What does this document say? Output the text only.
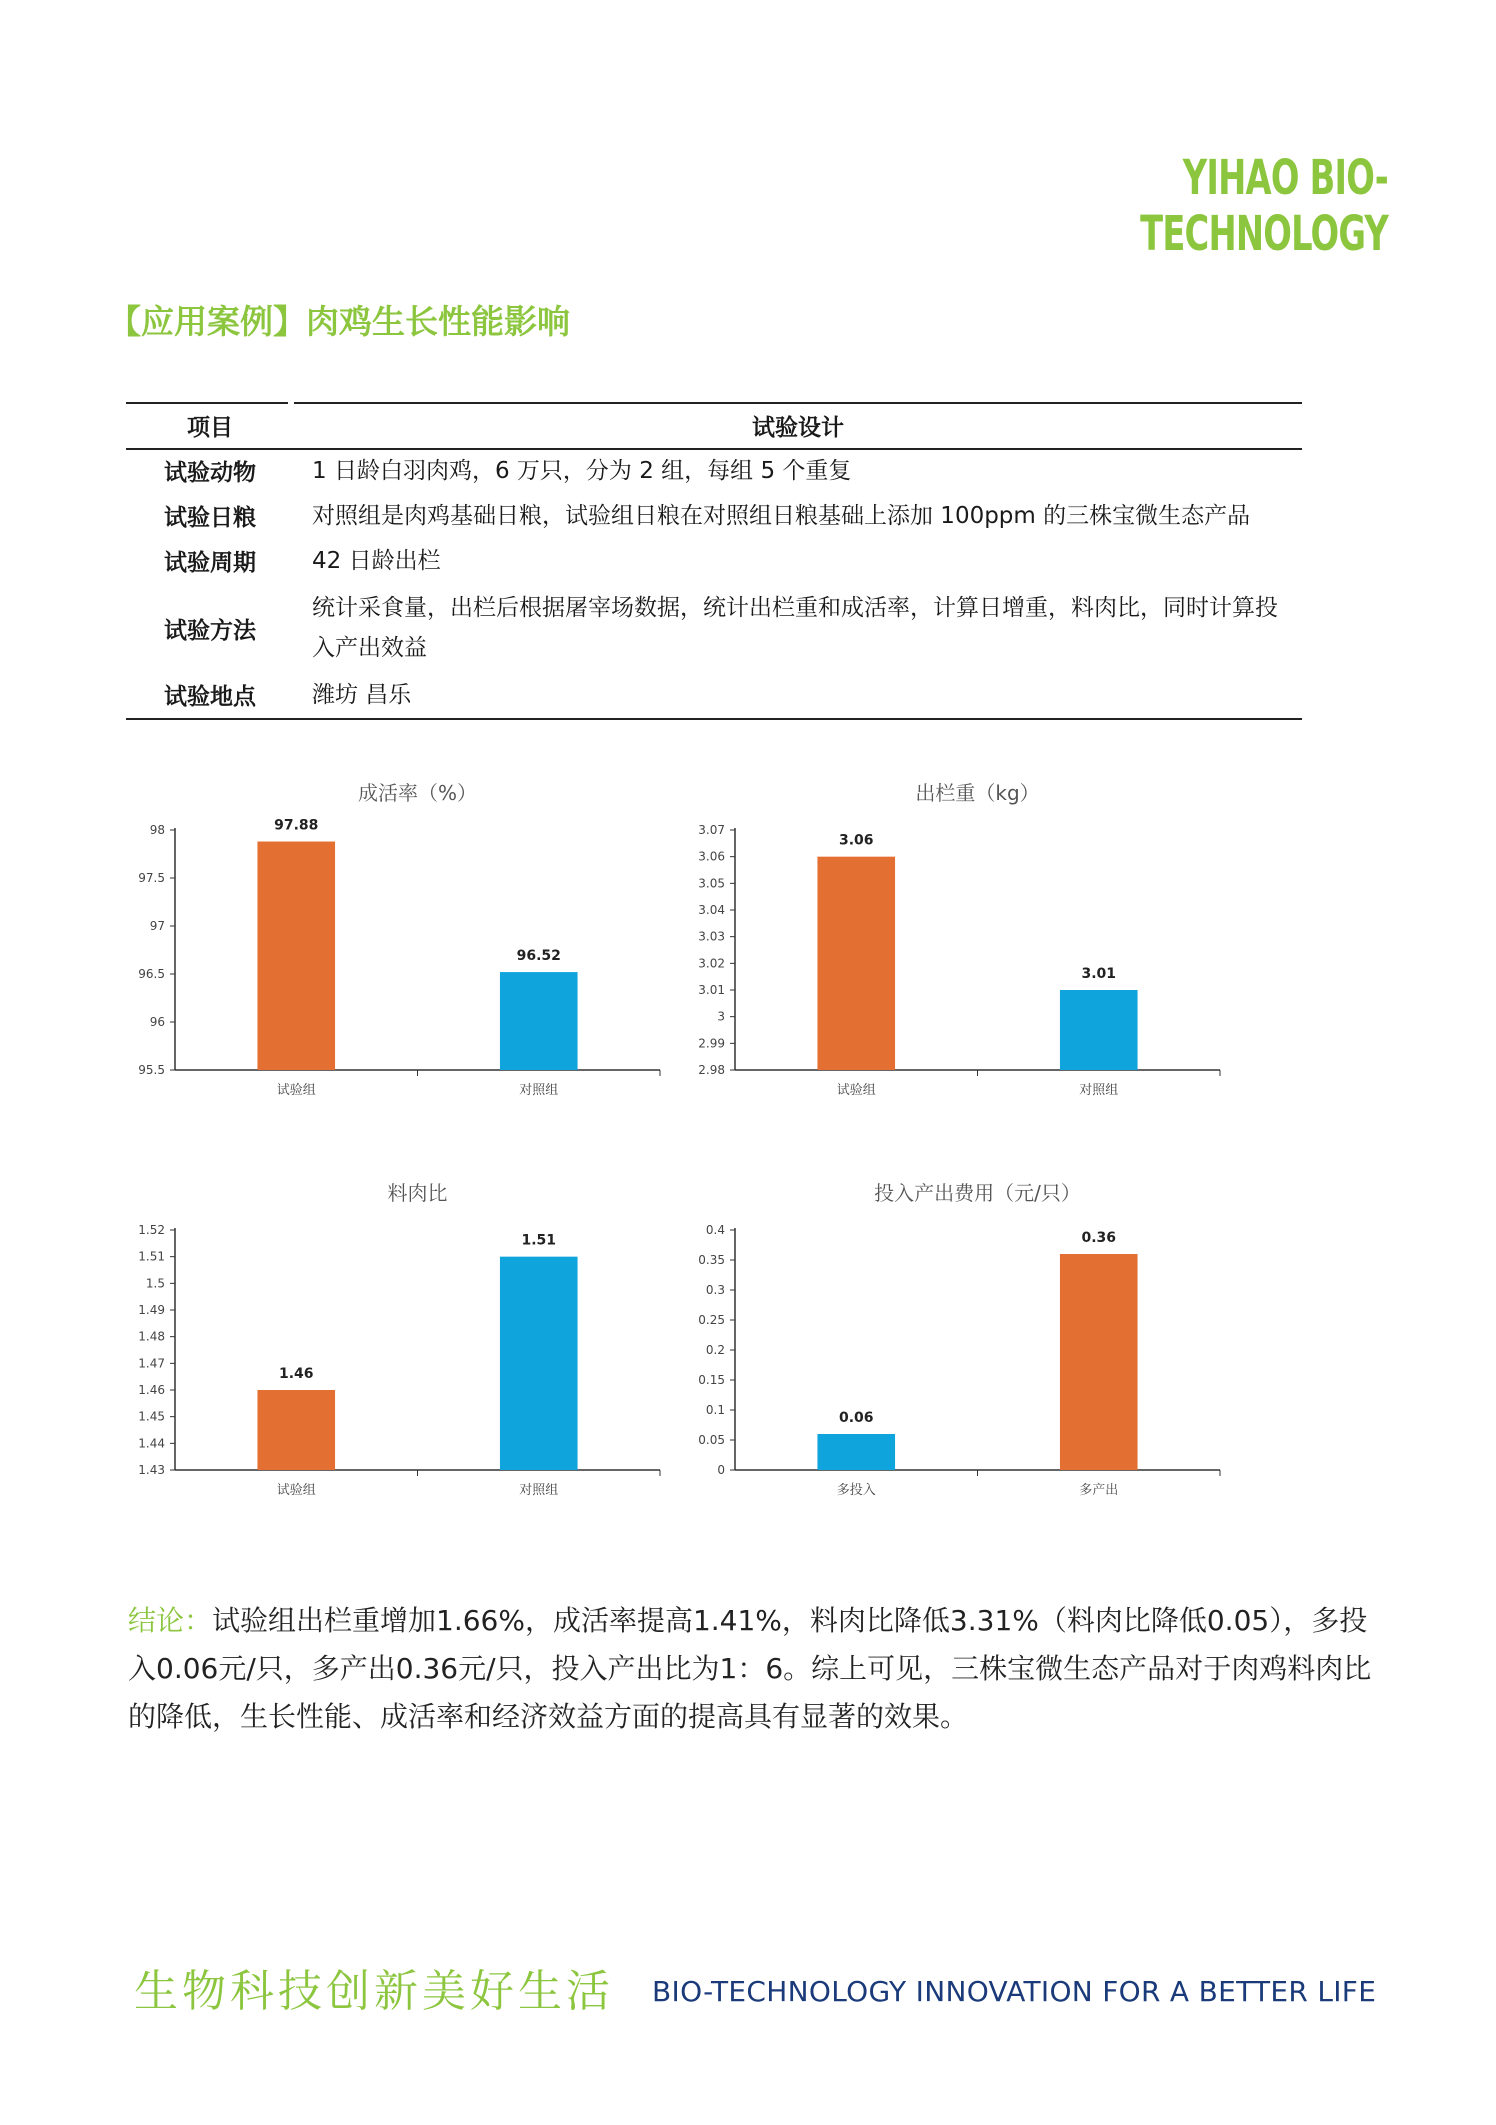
YIHAO BIO-TECHNOLOGY
【应用案例】肉鸡生长性能影响
项目	试验设计
试验动物	1 日龄白羽肉鸡，6 万只，分为 2 组，每组 5 个重复
试验日粮	对照组是肉鸡基础日粮，试验组日粮在对照组日粮基础上添加 100ppm 的三株宝微生态产品
试验周期	42 日龄出栏
试验方法	统计采食量，出栏后根据屠宰场数据，统计出栏重和成活率，计算日增重，料肉比，同时计算投入产出效益
试验地点	潍坊 昌乐
成活率（%）
95.5
96
96.5
97
97.5
98	97.88
试验组
96.52
对照组
出栏重（kg）
2.98
2.99
3
3.01
3.02
3.03
3.04
3.05
3.06
3.07
3.06
试验组
3.01
对照组
料肉比
1.43
1.44
1.45
1.46
1.47
1.48
1.49
1.5
1.51
1.52
1.46
试验组
1.51
对照组
投入产出费用（元/只）
0
0.05
0.1
0.15
0.2
0.25
0.3
0.35
0.4
0.06
多投入
0.36
多产出
结论：试验组出栏重增加1.66%，成活率提高1.41%，料肉比降低3.31%（料肉比降低0.05），多投入0.06元/只，多产出0.36元/只，投入产出比为1：6。综上可见，三株宝微生态产品对于肉鸡料肉比的降低，生长性能、成活率和经济效益方面的提高具有显著的效果。
生物科技创新美好生活 BIO-TECHNOLOGY INNOVATION FOR A BETTER LIFE
